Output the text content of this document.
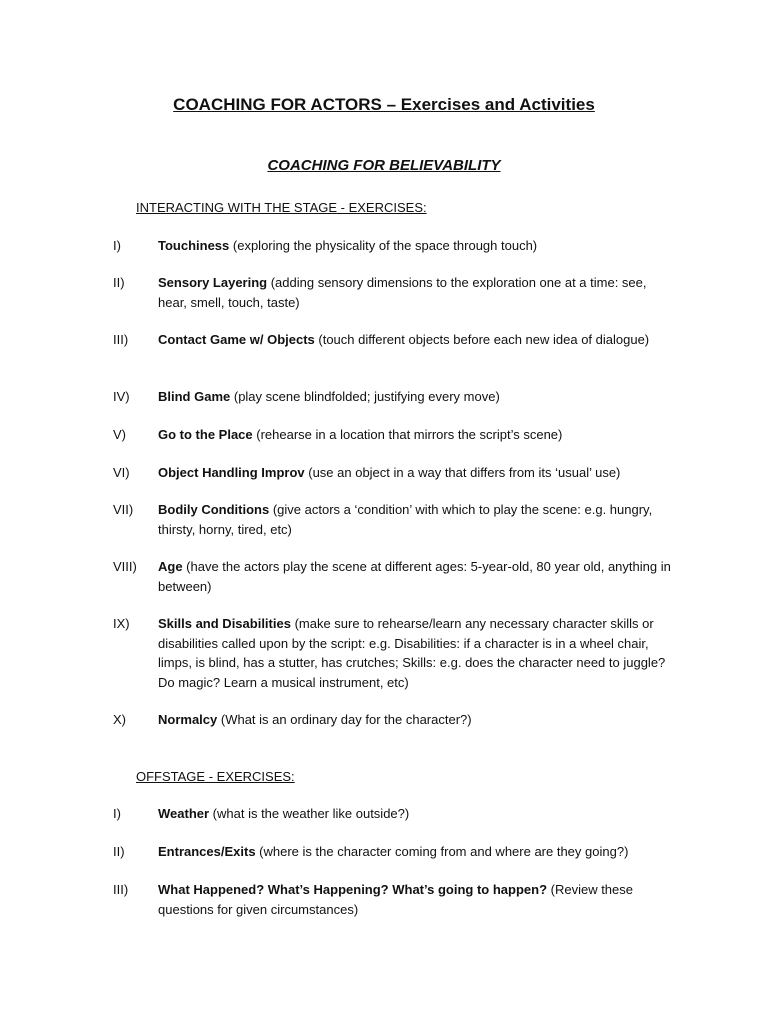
COACHING FOR ACTORS – Exercises and Activities
COACHING FOR BELIEVABILITY
INTERACTING WITH THE STAGE - EXERCISES:
I)	Touchiness (exploring the physicality of the space through touch)
II)	Sensory Layering (adding sensory dimensions to the exploration one at a time: see, hear, smell, touch, taste)
III)	Contact Game w/ Objects (touch different objects before each new idea of dialogue)
IV)	Blind Game (play scene blindfolded; justifying every move)
V)	Go to the Place (rehearse in a location that mirrors the script’s scene)
VI)	Object Handling Improv (use an object in a way that differs from its ‘usual’ use)
VII)	Bodily Conditions (give actors a ‘condition’ with which to play the scene: e.g. hungry, thirsty, horny, tired, etc)
VIII)	Age (have the actors play the scene at different ages: 5-year-old, 80 year old, anything in between)
IX)	Skills and Disabilities (make sure to rehearse/learn any necessary character skills or disabilities called upon by the script: e.g. Disabilities: if a character is in a wheel chair, limps, is blind, has a stutter, has crutches; Skills: e.g. does the character need to juggle? Do magic? Learn a musical instrument, etc)
X)	Normalcy (What is an ordinary day for the character?)
OFFSTAGE - EXERCISES:
I)	Weather (what is the weather like outside?)
II)	Entrances/Exits (where is the character coming from and where are they going?)
III)	What Happened? What’s Happening? What’s going to happen? (Review these questions for given circumstances)
